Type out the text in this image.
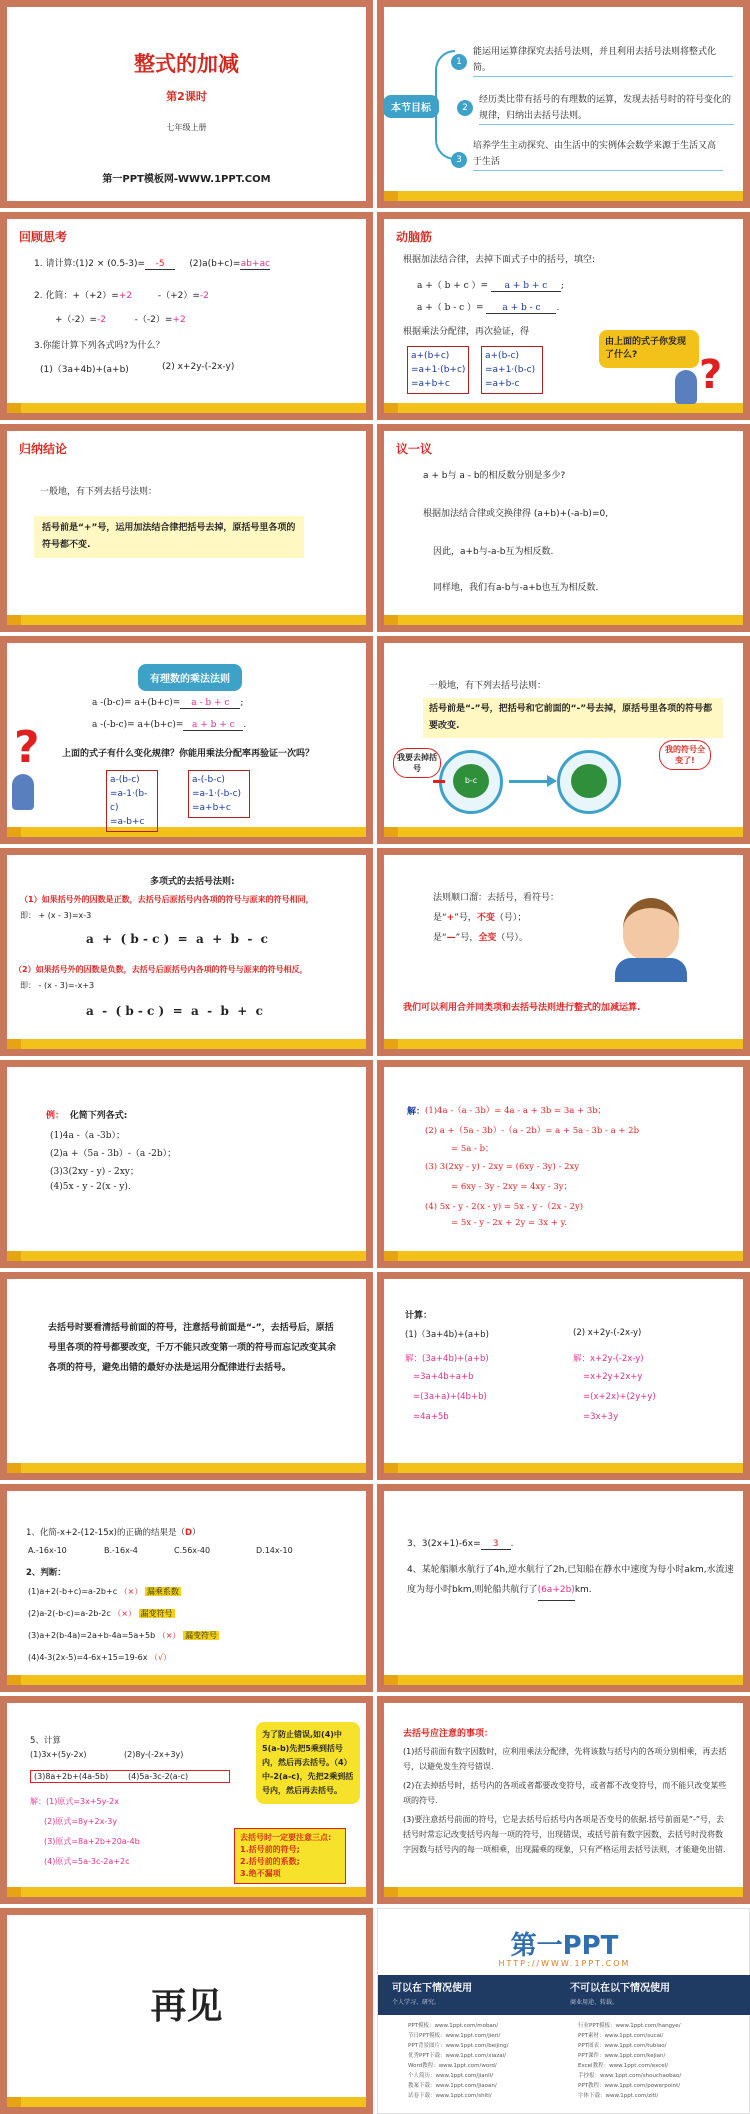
整式的加减
第2课时
七年级上册
第一PPT模板网-WWW.1PPT.COM
本节目标
1
能运用运算律探究去括号法则，并且利用去括号法则将整式化简。
2
经历类比带有括号的有理数的运算，发现去括号时的符号变化的规律，归纳出去括号法则。
3
培养学生主动探究、由生活中的实例体会数学来源于生活又高于生活
回顾思考
1. 请计算:(1)2 × (0.5-3)= -5	(2)a(b+c)=ab+ac
2. 化简：+（+2）=+2	-（+2）=-2
+（-2）=-2	-（-2）=+2
3.你能计算下列各式吗?为什么？
(1)（3a+4b)+(a+b)	(2) x+2y-(-2x-y)
动脑筋
根据加法结合律，去掉下面式子中的括号，填空:
a +（ b + c ）= a + b + c ;
a +（ b - c ）= a + b - c .
根据乘法分配律，再次验证，得
a+(b+c)
=a+1·(b+c)
=a+b+c
a+(b-c)
=a+1·(b-c)
=a+b-c
由上面的式子你发现了什么?	?
归纳结论
一般地，有下列去括号法则：
括号前是“+”号，运用加法结合律把括号去掉，原括号里各项的符号都不变.
议一议
a + b与 a - b的相反数分别是多少?
根据加法结合律或交换律得 (a+b)+(-a-b)=0,
因此，a+b与-a-b互为相反数.
同样地，我们有a-b与-a+b也互为相反数.
有理数的乘法法则
a -(b-c)= a+(b+c)= a - b + c ;
a -(-b-c)= a+(b+c)= a + b + c .
? 上面的式子有什么变化规律？你能用乘法分配率再验证一次吗？
a-(b-c)
=a-1·(b-c)
=a-b+c
a-(-b-c)
=a-1·(-b-c)
=a+b+c
一般地，有下列去括号法则：
括号前是“-”号，把括号和它前面的“-”号去掉，原括号里各项的符号都要改变.
我要去掉括号
b-c
我的符号全变了!
多项式的去括号法则:
（1）如果括号外的因数是正数，去括号后原括号内各项的符号与原来的符号相同，
即： + (x - 3)=x-3
a  +  ( b - c )  =  a  +  b  -  c
（2）如果括号外的因数是负数，去括号后原括号内各项的符号与原来的符号相反，
即： - (x - 3)=-x+3
a  -  ( b - c )  =  a  -  b  +  c
法则顺口溜：去括号，看符号：
是“+”号，不变（号）；
是“—”号，全变（号）。
我们可以利用合并同类项和去括号法则进行整式的加减运算.
例： 化简下列各式:
(1)4a -（a -3b）；
(2)a +（5a - 3b）-（a -2b）；
(3)3(2xy - y) - 2xy；
(4)5x - y - 2(x - y).
解： (1)4a -（a - 3b）= 4a - a + 3b = 3a + 3b；
(2) a +（5a - 3b）-（a - 2b）= a + 5a - 3b - a + 2b
= 5a - b；
(3) 3(2xy - y) - 2xy = (6xy - 3y) - 2xy
= 6xy - 3y - 2xy = 4xy - 3y；
(4) 5x - y - 2(x - y) = 5x - y -（2x - 2y)
= 5x - y - 2x + 2y = 3x + y.
去括号时要看清括号前面的符号，注意括号前面是“-”，去括号后，原括号里各项的符号都要改变，千万不能只改变第一项的符号而忘记改变其余各项的符号，避免出错的最好办法是运用分配律进行去括号。
计算：
(1)（3a+4b)+(a+b)	(2) x+2y-(-2x-y)
解：(3a+4b)+(a+b)
=3a+4b+a+b
=(3a+a)+(4b+b)
=4a+5b
解：x+2y-(-2x-y)
=x+2y+2x+y
=(x+2x)+(2y+y)
=3x+3y
1、化简-x+2-(12-15x)的正确的结果是（D）
A.-16x-10	B.-16x-4	C.56x-40	D.14x-10
2、判断：
(1)a+2(-b+c)=a-2b+c （×） 漏乘系数
(2)a-2(-b-c)=a-2b-2c （×） 漏变符号
(3)a+2(b-4a)=2a+b-4a=5a+5b （×） 漏变符号
(4)4-3(2x-5)=4-6x+15=19-6x （√）
3、3(2x+1)-6x= 3 .
4、某轮船顺水航行了4h,逆水航行了2h,已知船在静水中速度为每小时akm,水流速度为每小时bkm,则轮船共航行了(6a+2b)km.
5、计算
(1)3x+(5y-2x)	(2)8y-(-2x+3y)
(3)8a+2b+(4a-5b)	(4)5a-3c-2(a-c)
解：(1)原式=3x+5y-2x
(2)原式=8y+2x-3y
(3)原式=8a+2b+20a-4b
(4)原式=5a-3c-2a+2c
为了防止错误,如(4)中5(a-b)先把5乘到括号内，然后再去括号。（4）中-2(a-c)，先把2乘到括号内，然后再去括号。
去括号时一定要注意三点:
1.括号前的符号;
2.括号前的系数;
3.绝不漏项
去括号应注意的事项：
(1)括号前面有数字因数时，应利用乘法分配律，先将该数与括号内的各项分别相乘，再去括号，以避免发生符号错误.
(2)在去掉括号时，括号内的各项或者都要改变符号，或者都不改变符号，而不能只改变某些项的符号.
(3)要注意括号前面的符号，它是去括号后括号内各项是否变号的依据.括号前面是“-”号，去括号时常忘记改变括号内每一项的符号，出现错误，或括号前有数字因数，去括号时没将数字因数与括号内的每一项相乘，出现漏乘的现象，只有严格运用去括号法则，才能避免出错.
再见
第一PPT
HTTP://WWW.1PPT.COM
可以在下情况使用
个人学习、研究。
不可以在以下情况使用
商业用途、转载。
PPT模板：www.1ppt.com/moban/
节日PPT模板：www.1ppt.com/jieri/
PPT背景图片：www.1ppt.com/beijing/
优秀PPT下载：www.1ppt.com/xiazai/
Word教程：www.1ppt.com/word/
个人简历：www.1ppt.com/jianli/
教案下载：www.1ppt.com/jiaoan/
试卷下载：www.1ppt.com/shiti/
行业PPT模板：www.1ppt.com/hangye/
PPT素材：www.1ppt.com/sucai/
PPT图表：www.1ppt.com/tubiao/
PPT课件：www.1ppt.com/kejian/
Excel教程：www.1ppt.com/excel/
手抄报：www.1ppt.com/shouchaobao/
PPT教程：www.1ppt.com/powerpoint/
字体下载：www.1ppt.com/ziti/
